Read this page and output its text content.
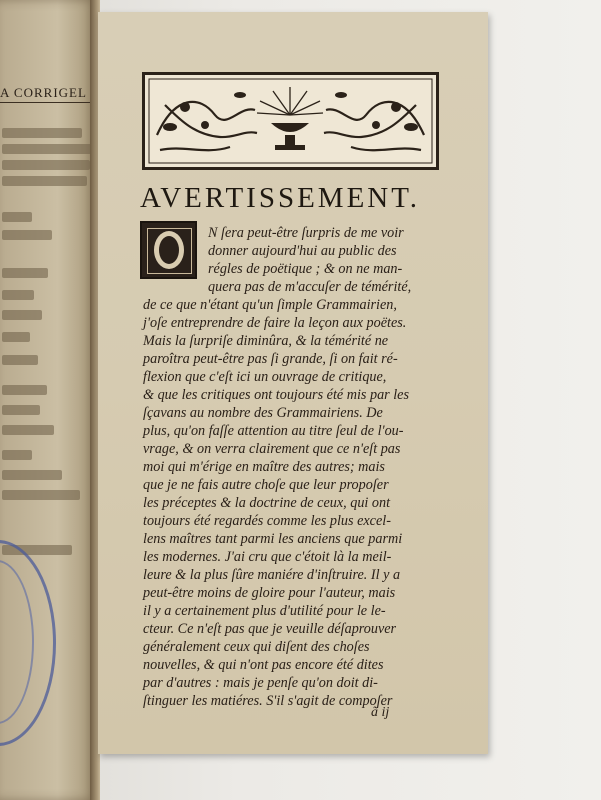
A CORRIGEL
AVERTISSEMENT.
N ſera peut-être ſurpris de me voir
donner aujourd'hui au public des
régles de poëtique ; & on ne man-
quera pas de m'accuſer de témérité,
de ce que n'étant qu'un ſimple Grammairien,
j'oſe entreprendre de faire la leçon aux poëtes.
Mais la ſurpriſe diminûra, & la témérité ne
paroîtra peut-être pas ſi grande, ſi on fait ré-
flexion que c'eſt ici un ouvrage de critique,
& que les critiques ont toujours été mis par les
ſçavans au nombre des Grammairiens. De
plus, qu'on faſſe attention au titre ſeul de l'ou-
vrage, & on verra clairement que ce n'eſt pas
moi qui m'érige en maître des autres; mais
que je ne fais autre choſe que leur propoſer
les préceptes & la doctrine de ceux, qui ont
toujours été regardés comme les plus excel-
lens maîtres tant parmi les anciens que parmi
les modernes. J'ai cru que c'étoit là la meil-
leure & la plus ſûre maniére d'inſtruire. Il y a
peut-être moins de gloire pour l'auteur, mais
il y a certainement plus d'utilité pour le le-
cteur. Ce n'eſt pas que je veuille déſaprouver
généralement ceux qui diſent des choſes
nouvelles, & qui n'ont pas encore été dites
par d'autres : mais je penſe qu'on doit di-
ſtinguer les matiéres. S'il s'agit de compoſer
ã ij
